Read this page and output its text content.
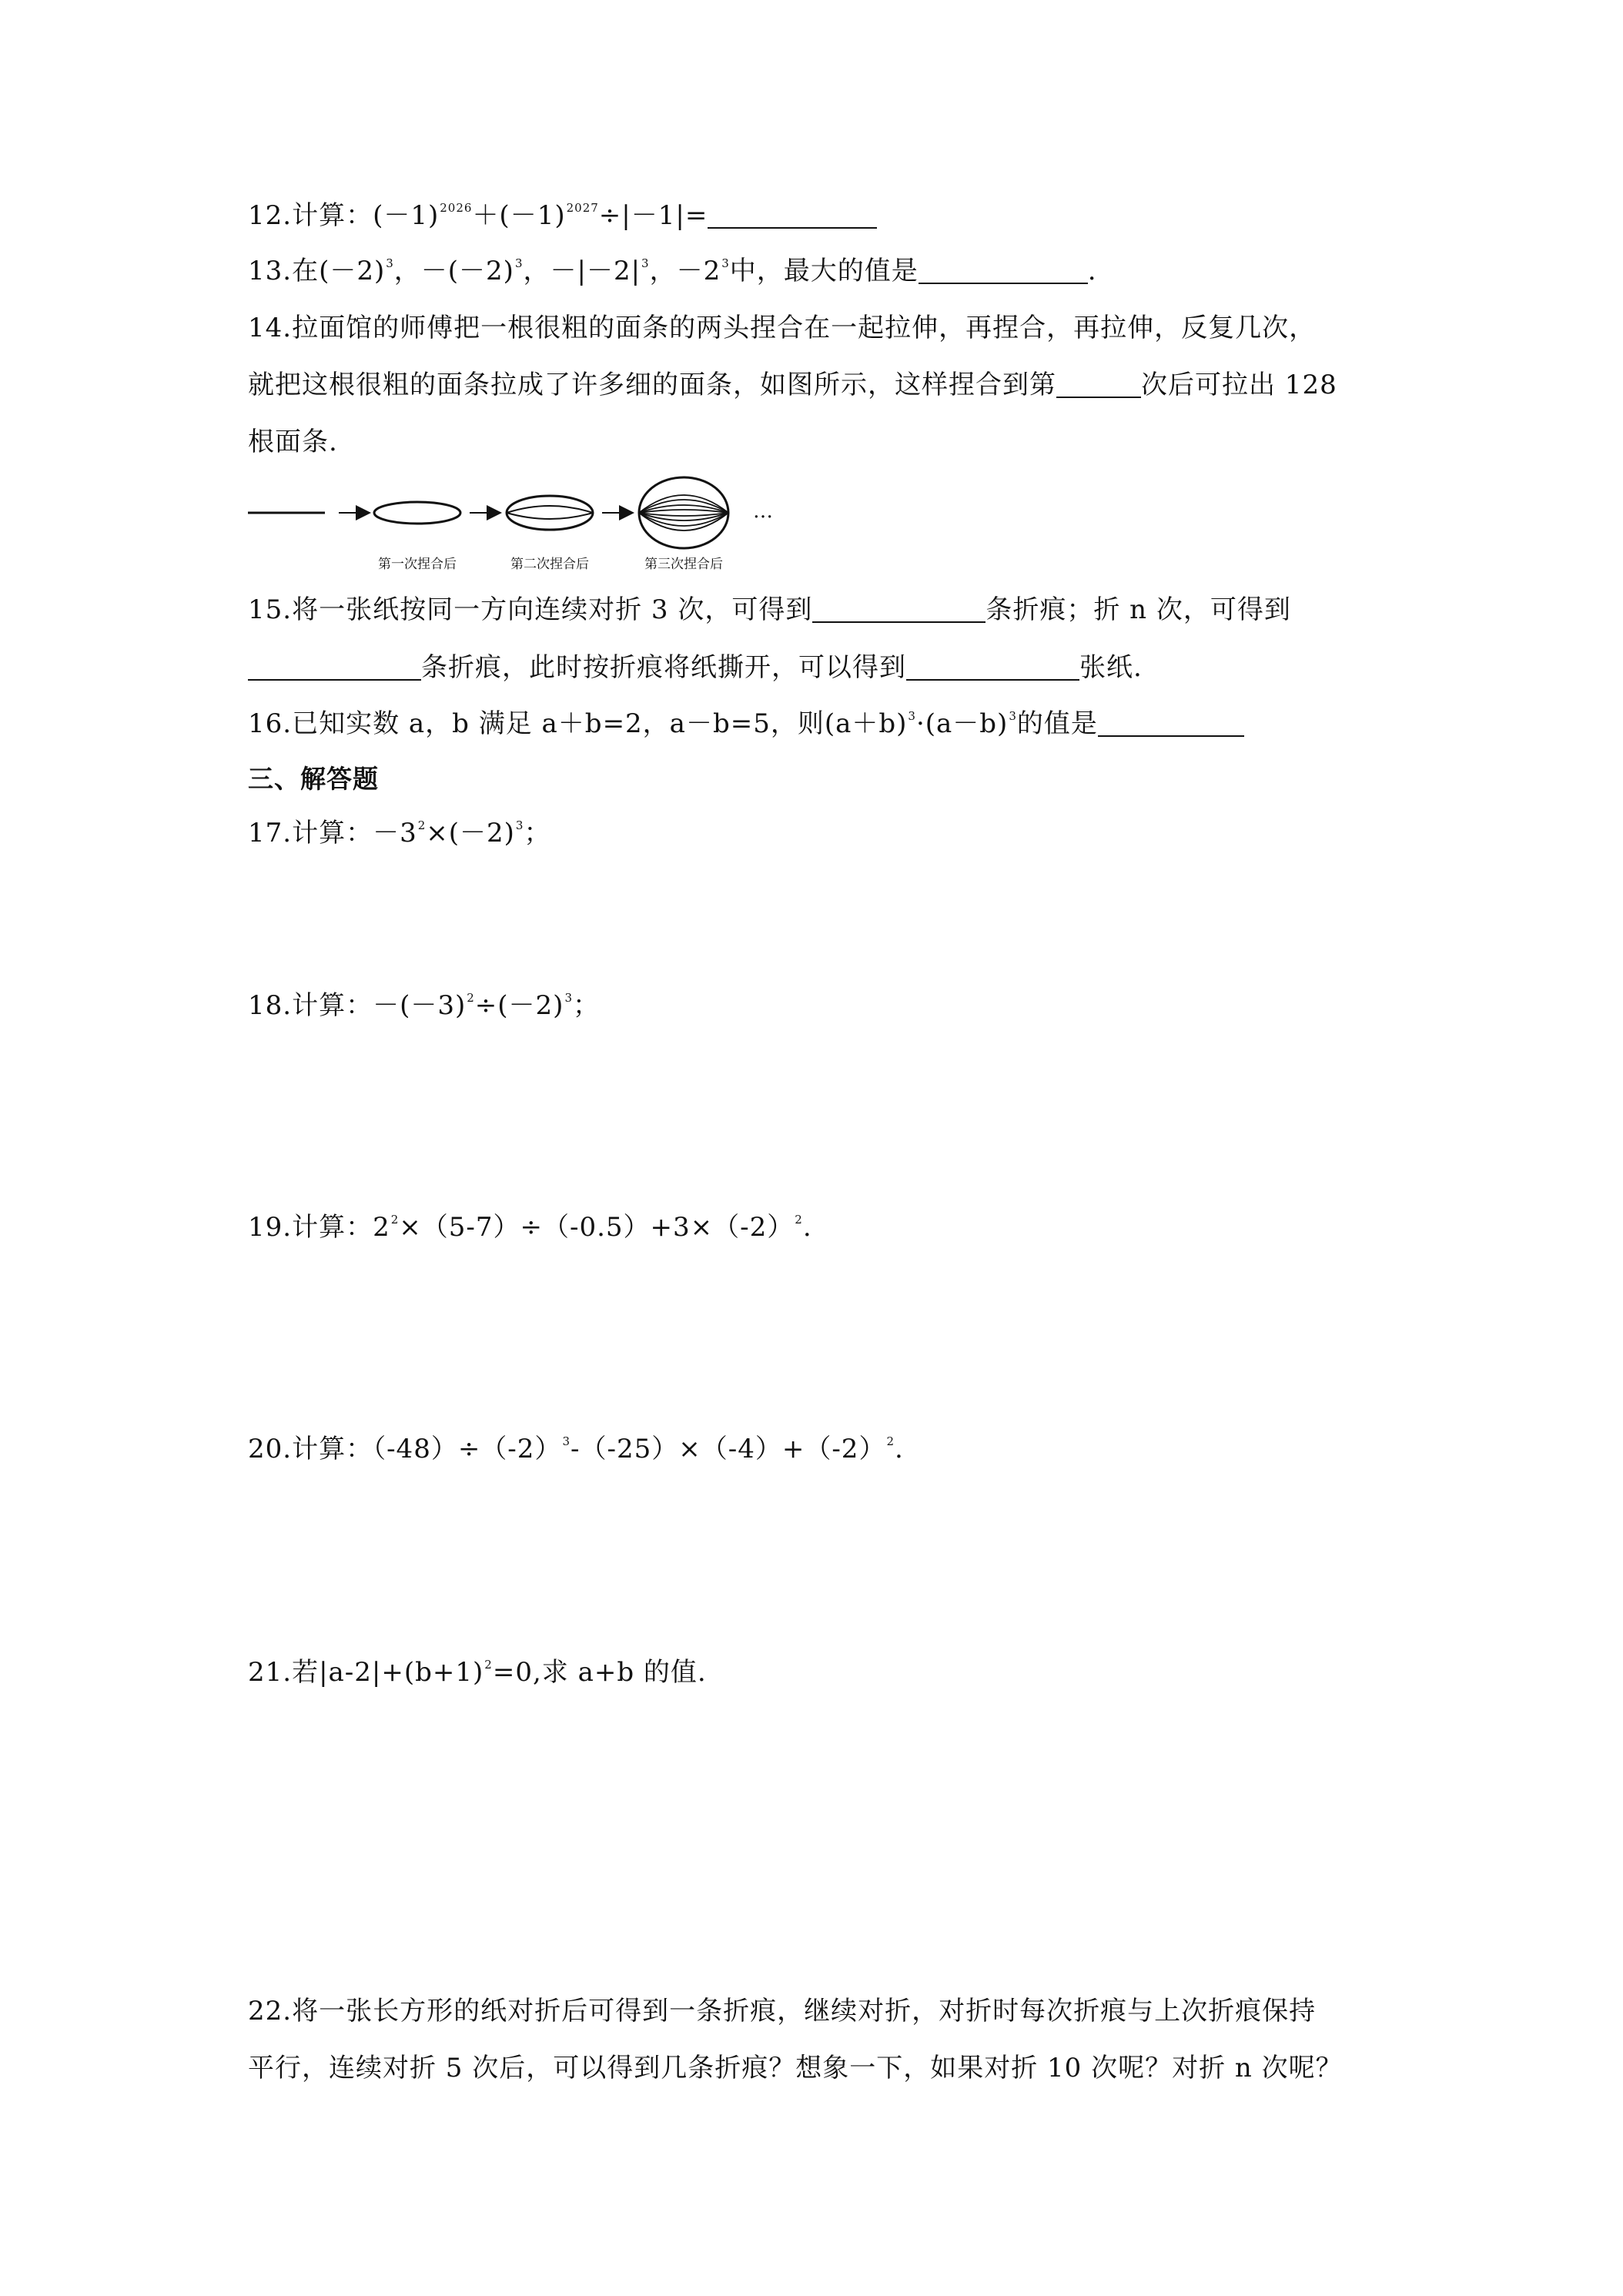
12.计算：$(-1)^{2026}+(-1)^{2027}\div|-1|=$
13.在$(-2)^3$，$-(-2)^3$，$-|-2|^3$，$-2^3$中，最大的值是	.
14.拉面馆的师傅把一根很粗的面条的两头捏合在一起拉伸，再捏合，再拉伸，反复几次，
就把这根很粗的面条拉成了许多细的面条，如图所示，这样捏合到第	次后可拉出 128
根面条.
…
第一次捏合后	第二次捏合后	第三次捏合后
15.将一张纸按同一方向连续对折 3 次，可得到	条折痕；折 n 次，可得到
条折痕，此时按折痕将纸撕开，可以得到	张纸.
16.已知实数 a，b 满足 a＋b=2，a－b=5，则$(a+b)^3\cdot(a-b)^3$的值是
三、解答题
17.计算：$-3^2\times(-2)^3$；
18.计算：$-(-3)^2\div(-2)^3$；
19.计算：$2^2\times(5-7)\div(-0.5)+3\times(-2)^2$.
20.计算：$(-48)\div(-2)^3-(-25)\times(-4)+(-2)^2$.
21.若$|a-2|+(b+1)^2=0$,求 a+b 的值.
22.将一张长方形的纸对折后可得到一条折痕，继续对折，对折时每次折痕与上次折痕保持
平行，连续对折 5 次后，可以得到几条折痕？想象一下，如果对折 10 次呢？对折 n 次呢？
